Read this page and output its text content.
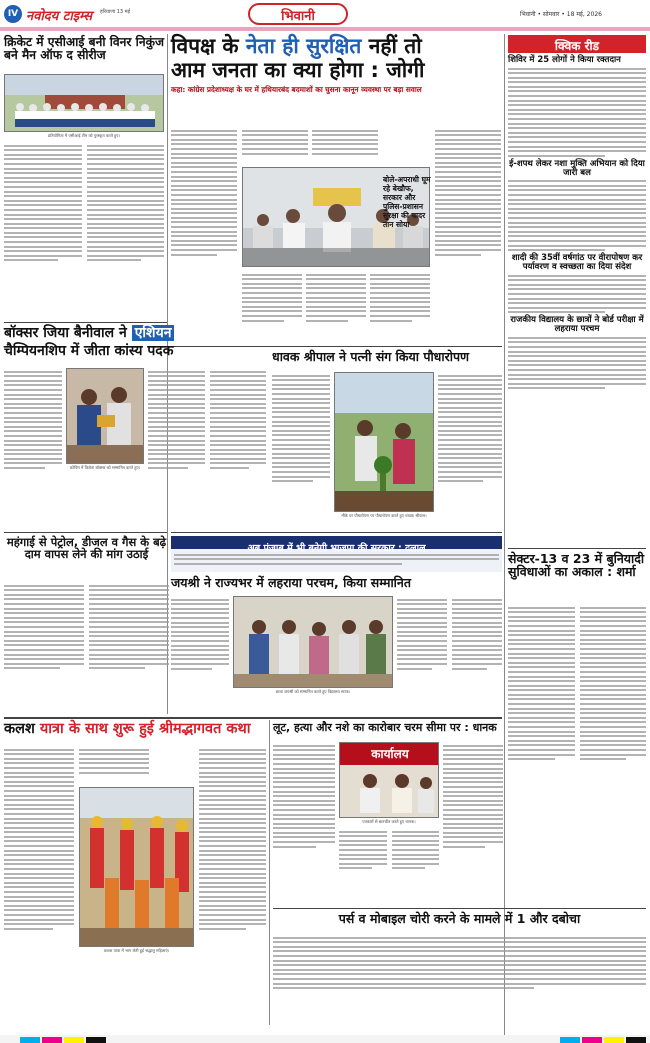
IV नवोदय टाइम्स हरियाणा 13 मई	भिवानी	भिवानी • सोमवार • 18 मई, 2026
क्रिकेट में एसीआई बनी विनर निकुंज बने मैन ऑफ द सीरीज
प्रतियोगिता में एसीआई टीम को पुरस्कृत करते हुए।
विपक्ष के नेता ही सुरक्षित नहीं तो
आम जनता का क्या होगा : जोगी
कहा: कांग्रेस प्रदेशाध्यक्ष के घर में हथियारबंद बदमाशों का घुसना कानून व्यवस्था पर बड़ा सवाल
बोले-अपराधी घूम रहे बेखौफ, सरकार और पुलिस-प्रशासन सुरक्षा की चादर तान सोया
क्विक रीड
शिविर में 25 लोगों ने किया रक्तदान
ई-शपथ लेकर नशा मुक्ति अभियान को दिया जारी बल
शादी की 35वीं वर्षगांठ पर वीरापोषण कर पर्यावरण व स्वच्छता का दिया संदेश
राजकीय विद्यालय के छात्रों ने बोर्ड परीक्षा में लहराया परचम
बॉक्सर जिया बैनीवाल ने एशियन
चैम्पियनशिप में जीता कांस्य पदक
कोचिंग में विजेता बॉक्सर को सम्मानित करते हुए।
धावक श्रीपाल ने पत्नी संग किया पौधारोपण
मौके पर पौधारोपण पर पौधारोपण करते हुए धावक श्रीपाल।
महंगाई से पेट्रोल, डीजल व गैस के बढ़े दाम वापस लेने की मांग उठाई	अब पंजाब में भी बनेगी भाजपा की सरकार : दलाल
जयश्री ने राज्यभर में लहराया परचम, किया सम्मानित
छात्रा जयश्री को सम्मानित करते हुए विद्यालय स्टाफ।
सेक्टर-13 व 23 में बुनियादी सुविधाओं का अकाल : शर्मा
कलश यात्रा के साथ शुरू हुई श्रीमद्भागवत कथा
कलश यात्रा में भाग लेती हुई श्रद्धालु महिलाएं।
लूट, हत्या और नशे का कारोबार चरम सीमा पर : धानक
कार्यालय
पत्रकारों से बातचीत करते हुए धानक।
पर्स व मोबाइल चोरी करने के मामले में 1 और दबोचा
